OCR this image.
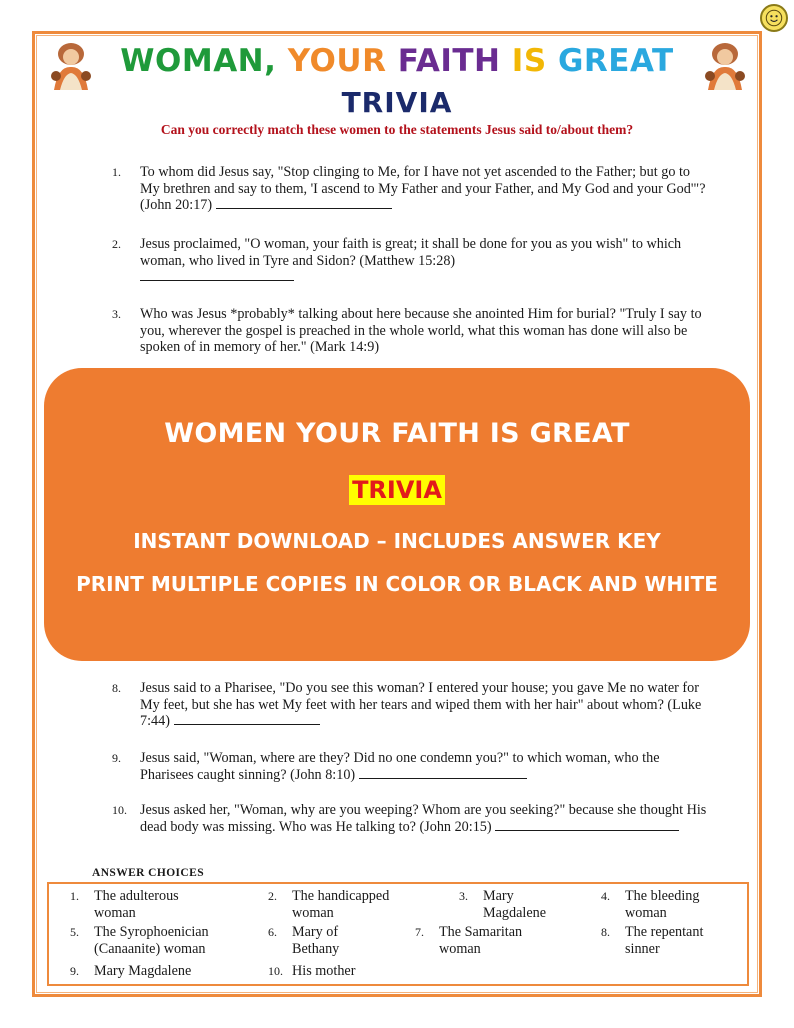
WOMAN, YOUR FAITH IS GREAT
TRIVIA
Can you correctly match these women to the statements Jesus said to/about them?
1.	To whom did Jesus say, "Stop clinging to Me, for I have not yet ascended to the Father; but go to My brethren and say to them, 'I ascend to My Father and your Father, and My God and your God'"? (John 20:17)
2.	Jesus proclaimed, "O woman, your faith is great; it shall be done for you as you wish" to which woman, who lived in Tyre and Sidon? (Matthew 15:28)

3.	Who was Jesus *probably* talking about here because she anointed Him for burial? "Truly I say to you, wherever the gospel is preached in the whole world, what this woman has done will also be spoken of in memory of her." (Mark 14:9)
WOMEN YOUR FAITH IS GREAT
TRIVIA
INSTANT DOWNLOAD – INCLUDES ANSWER KEY
PRINT MULTIPLE COPIES IN COLOR OR BLACK AND WHITE
8.	Jesus said to a Pharisee, "Do you see this woman? I entered your house; you gave Me no water for My feet, but she has wet My feet with her tears and wiped them with her hair" about whom? (Luke 7:44)
9.	Jesus said, "Woman, where are they? Did no one condemn you?" to which woman, who the Pharisees caught sinning? (John 8:10)
10. Jesus asked her, "Woman, why are you weeping? Whom are you seeking?" because she thought His dead body was missing. Who was He talking to? (John 20:15)
ANSWER CHOICES
1. The adulterous
woman
2. The handicapped
woman
3. Mary
Magdalene
4. The bleeding
woman
5. The Syrophoenician
(Canaanite) woman
6. Mary of
Bethany
7. The Samaritan
woman
8. The repentant
sinner
9. Mary Magdalene	10. His mother
